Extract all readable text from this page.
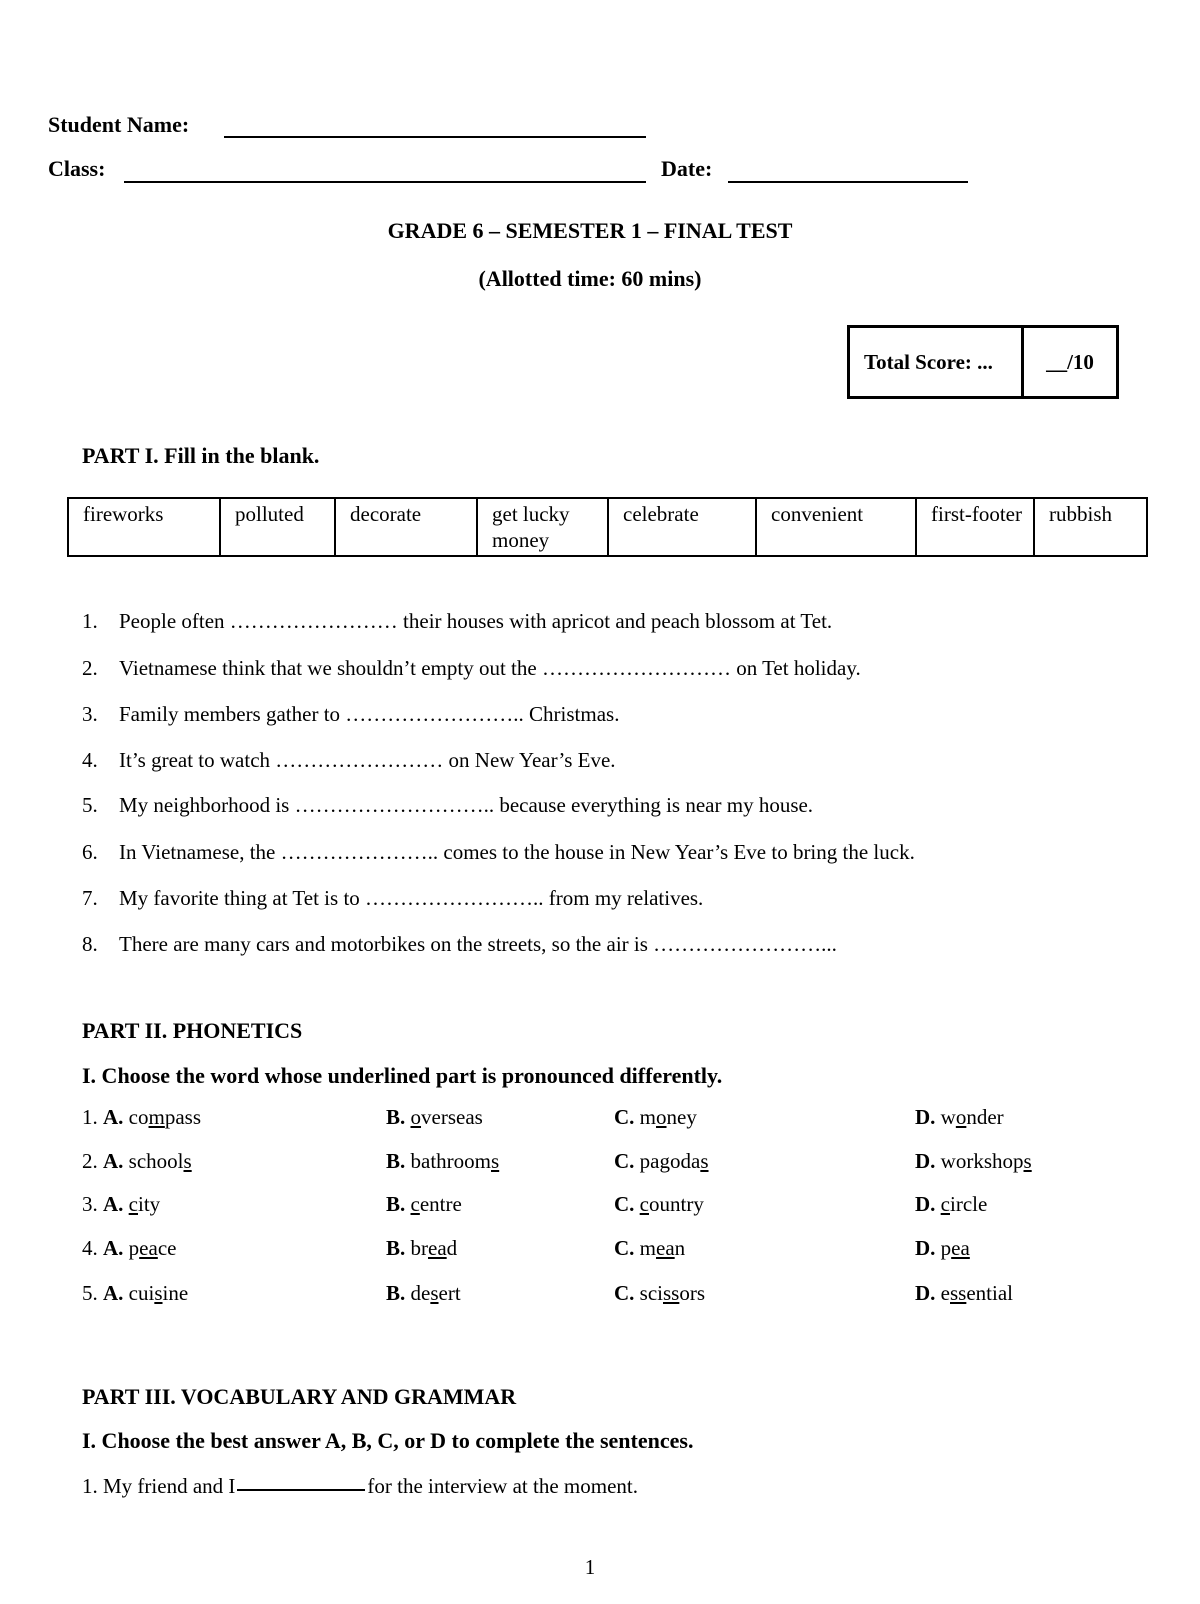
Student Name:
Class:	Date:
GRADE 6 – SEMESTER 1 – FINAL TEST
(Allotted time: 60 mins)
Total Score: ...	__/10
PART I. Fill in the blank.
fireworks	polluted	decorate	get lucky money	celebrate	convenient	first-footer	rubbish
1. People often …………………… their houses with apricot and peach blossom at Tet.
2. Vietnamese think that we shouldn’t empty out the ……………………… on Tet holiday.
3. Family members gather to …………………….. Christmas.
4. It’s great to watch …………………… on New Year’s Eve.
5. My neighborhood is ……………………….. because everything is near my house.
6. In Vietnamese, the ………………….. comes to the house in New Year’s Eve to bring the luck.
7. My favorite thing at Tet is to …………………….. from my relatives.
8. There are many cars and motorbikes on the streets, so the air is ……………………...
PART II. PHONETICS
I. Choose the word whose underlined part is pronounced differently.
1. A. compass	B. overseas	C. money	D. wonder
2. A. schools	B. bathrooms	C. pagodas	D. workshops
3. A. city	B. centre	C. country	D. circle
4. A. peace	B. bread	C. mean	D. pea
5. A. cuisine	B. desert	C. scissors	D. essential
PART III. VOCABULARY AND GRAMMAR
I. Choose the best answer A, B, C, or D to complete the sentences.
1. My friend and I	for the interview at the moment.
1
